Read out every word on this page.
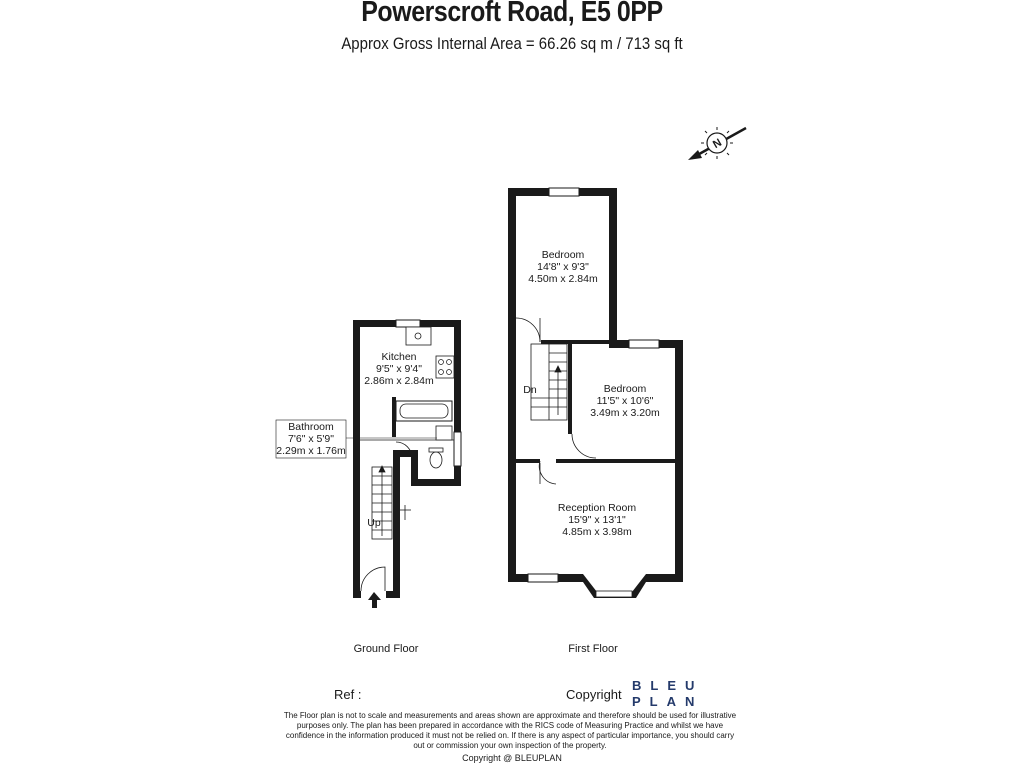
Powerscroft Road, E5 0PP
Approx Gross Internal Area = 66.26 sq m / 713 sq ft
N
Bathroom
7'6" x 5'9"
2.29m x 1.76m
Kitchen
9'5" x 9'4"
2.86m x 2.84m
Up
Bedroom
14'8" x 9'3"
4.50m x 2.84m
Bedroom
11'5" x 10'6"
3.49m x 3.20m
Reception Room
15'9" x 13'1"
4.85m x 3.98m
Dn
Ground Floor	First Floor
Ref :	Copyright
BLEU
PLAN
The Floor plan is not to scale and measurements and areas shown are approximate and therefore should be used for illustrative purposes only. The plan has been prepared in accordance with the RICS code of Measuring Practice and whilst we have confidence in the information produced it must not be relied on. If there is any aspect of particular importance, you should carry out or commission your own inspection of the property.
Copyright @ BLEUPLAN
